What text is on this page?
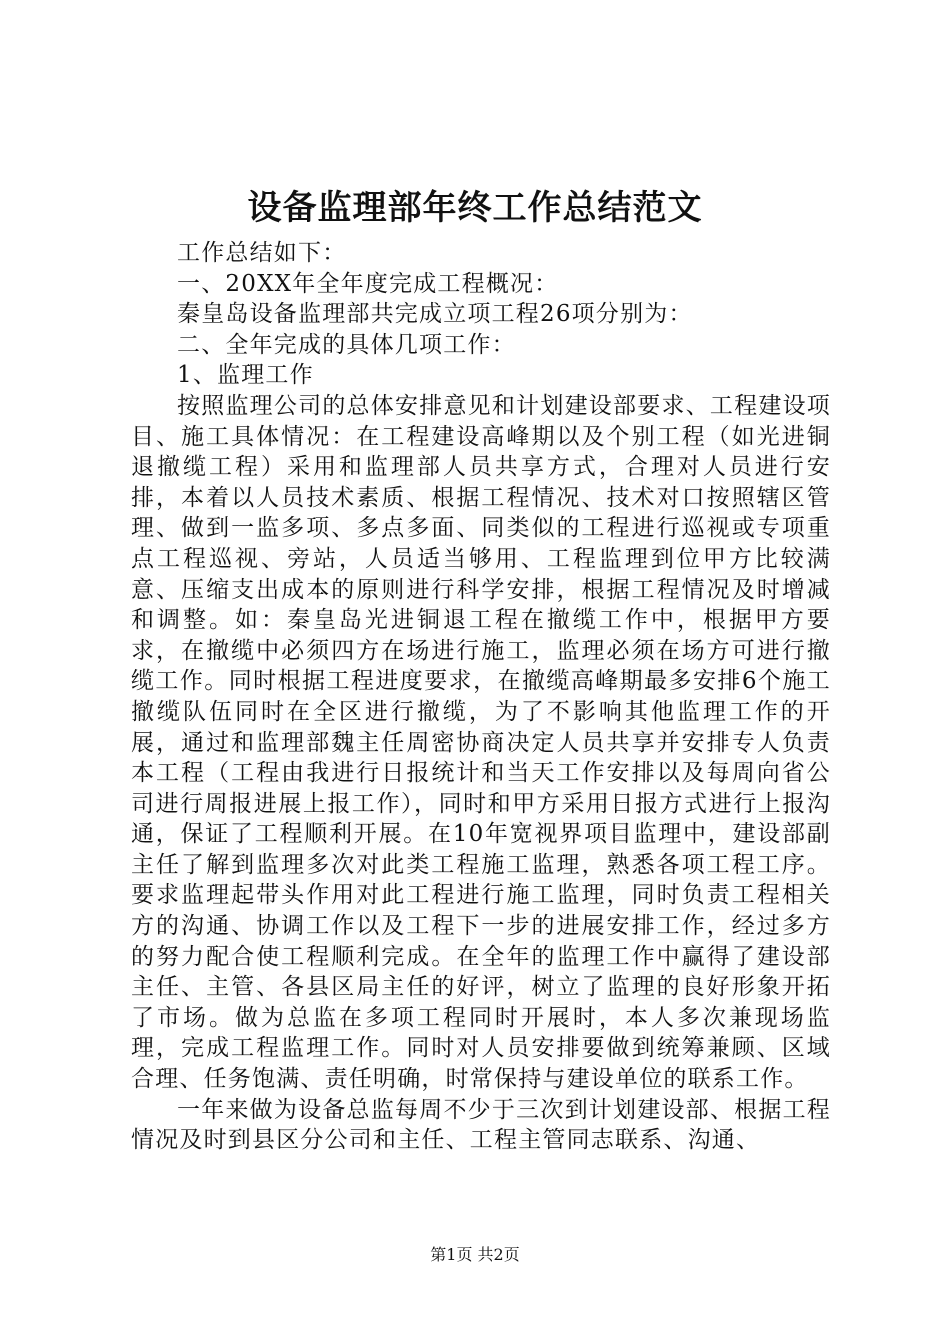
设备监理部年终工作总结范文

工作总结如下：

一、20XX年全年度完成工程概况：

秦皇岛设备监理部共完成立项工程26项分别为：

二、全年完成的具体几项工作：

1、监理工作

按照监理公司的总体安排意见和计划建设部要求、工程建设项目、施工具体情况：在工程建设高峰期以及个别工程（如光进铜退撤缆工程）采用和监理部人员共享方式，合理对人员进行安排，本着以人员技术素质、根据工程情况、技术对口按照辖区管理、做到一监多项、多点多面、同类似的工程进行巡视或专项重点工程巡视、旁站，人员适当够用、工程监理到位甲方比较满意、压缩支出成本的原则进行科学安排，根据工程情况及时增减和调整。如：秦皇岛光进铜退工程在撤缆工作中，根据甲方要求，在撤缆中必须四方在场进行施工，监理必须在场方可进行撤缆工作。同时根据工程进度要求，在撤缆高峰期最多安排6个施工撤缆队伍同时在全区进行撤缆，为了不影响其他监理工作的开展，通过和监理部魏主任周密协商决定人员共享并安排专人负责本工程（工程由我进行日报统计和当天工作安排以及每周向省公司进行周报进展上报工作），同时和甲方采用日报方式进行上报沟通，保证了工程顺利开展。在10年宽视界项目监理中，建设部副主任了解到监理多次对此类工程施工监理，熟悉各项工程工序。要求监理起带头作用对此工程进行施工监理，同时负责工程相关方的沟通、协调工作以及工程下一步的进展安排工作，经过多方的努力配合使工程顺利完成。在全年的监理工作中赢得了建设部主任、主管、各县区局主任的好评，树立了监理的良好形象开拓了市场。做为总监在多项工程同时开展时，本人多次兼现场监理，完成工程监理工作。同时对人员安排要做到统筹兼顾、区域合理、任务饱满、责任明确，时常保持与建设单位的联系工作。

一年来做为设备总监每周不少于三次到计划建设部、根据工程情况及时到县区分公司和主任、工程主管同志联系、沟通、

第1页 共2页
